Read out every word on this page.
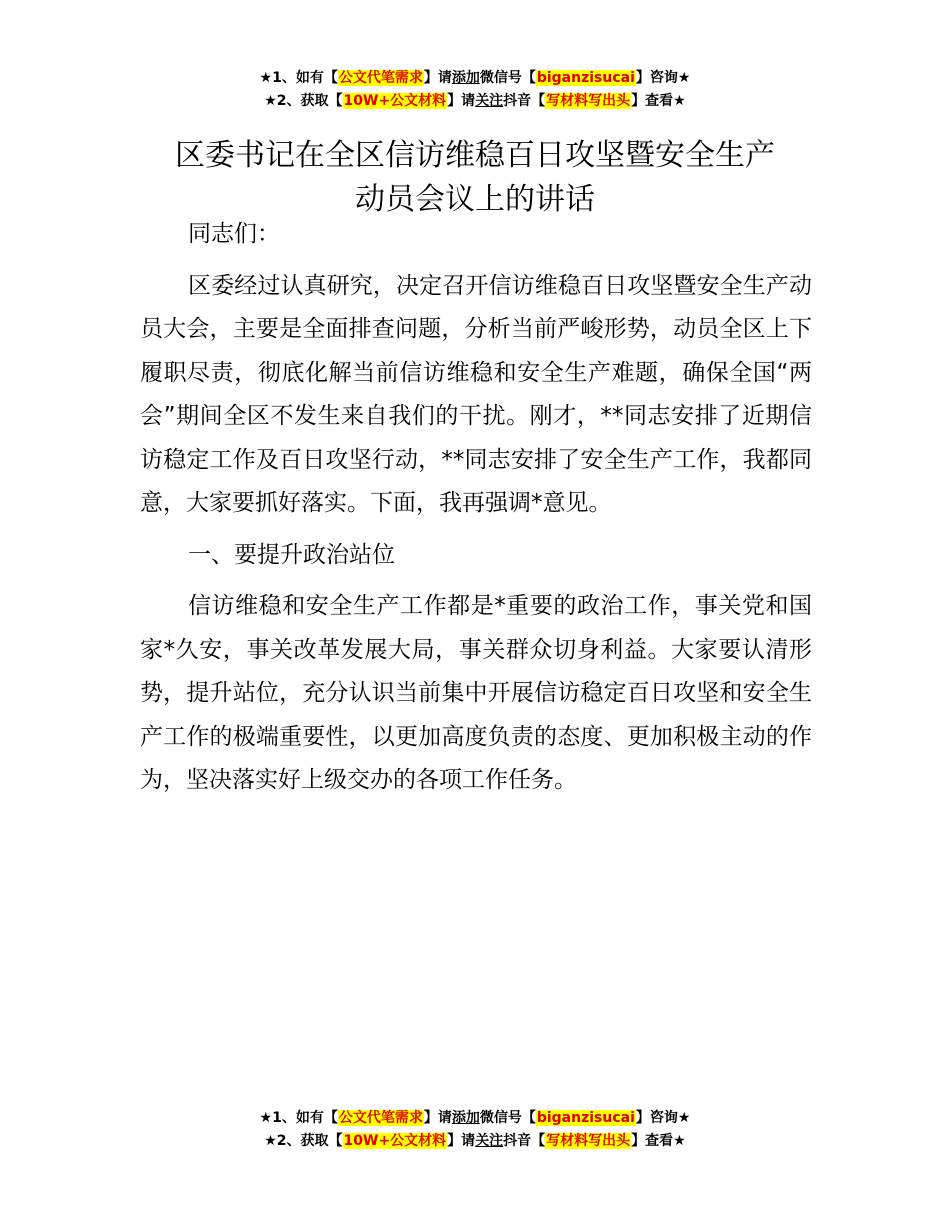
★1、如有【公文代笔需求】请添加微信号【biganzisucai】咨询★
★2、获取【10W+公文材料】请关注抖音【写材料写出头】查看★
区委书记在全区信访维稳百日攻坚暨安全生产
动员会议上的讲话

同志们：

区委经过认真研究，决定召开信访维稳百日攻坚暨安全生产动员大会，主要是全面排查问题，分析当前严峻形势，动员全区上下履职尽责，彻底化解当前信访维稳和安全生产难题，确保全国“两会”期间全区不发生来自我们的干扰。刚才，**同志安排了近期信访稳定工作及百日攻坚行动，**同志安排了安全生产工作，我都同意，大家要抓好落实。下面，我再强调*意见。

一、要提升政治站位

信访维稳和安全生产工作都是*重要的政治工作，事关党和国家*久安，事关改革发展大局，事关群众切身利益。大家要认清形势，提升站位，充分认识当前集中开展信访稳定百日攻坚和安全生产工作的极端重要性，以更加高度负责的态度、更加积极主动的作为，坚决落实好上级交办的各项工作任务。

★1、如有【公文代笔需求】请添加微信号【biganzisucai】咨询★
★2、获取【10W+公文材料】请关注抖音【写材料写出头】查看★
